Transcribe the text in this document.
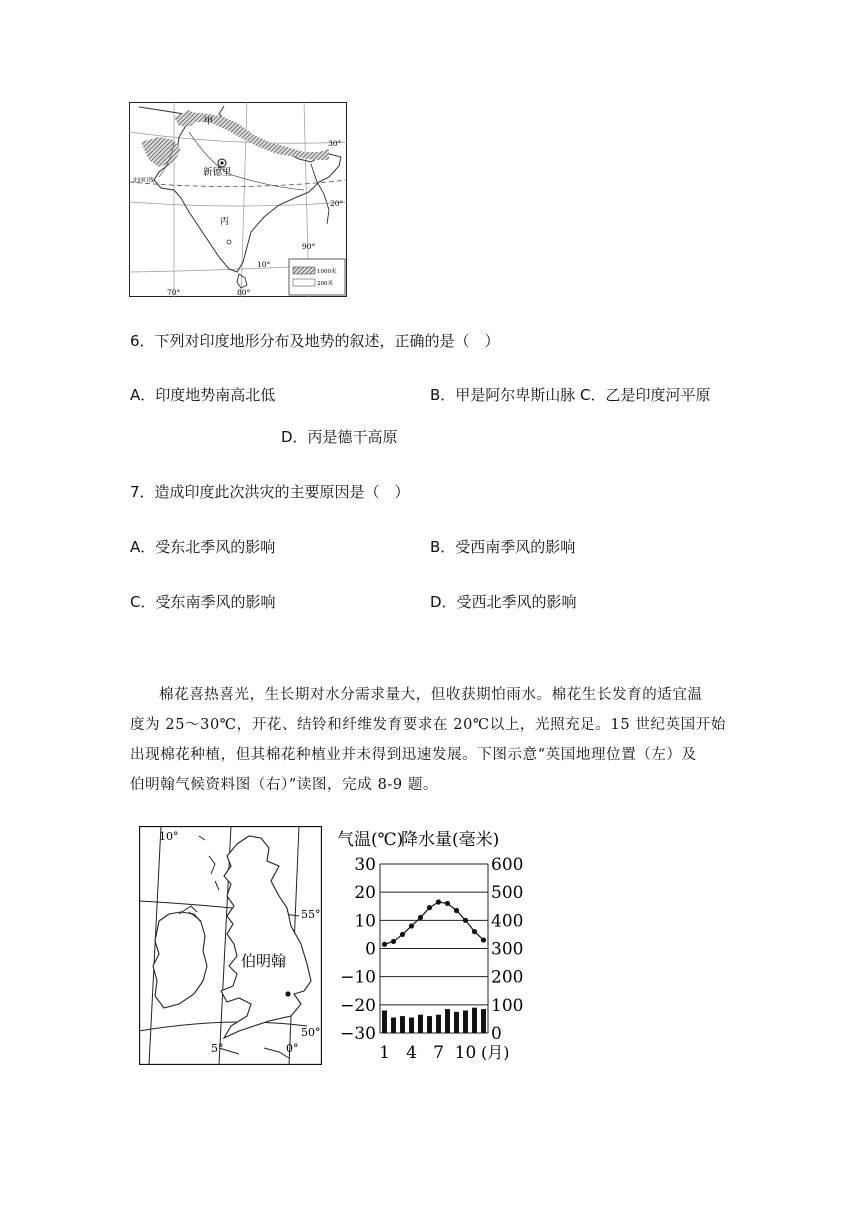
甲
新德里
北回归线
丙
30°
20°
10°
70°	80°
90°
1000米
200米
6．下列对印度地形分布及地势的叙述，正确的是（　）
A．印度地势南高北低	B．甲是阿尔卑斯山脉 C．乙是印度河平原
D．丙是德干高原
7．造成印度此次洪灾的主要原因是（　）
A．受东北季风的影响	B．受西南季风的影响
C．受东南季风的影响	D．受西北季风的影响

棉花喜热喜光，生长期对水分需求量大，但收获期怕雨水。棉花生长发育的适宜温

度为 25～30℃，开花、结铃和纤维发育要求在 20℃以上，光照充足。15 世纪英国开始

出现棉花种植，但其棉花种植业并未得到迅速发展。下图示意“英国地理位置（左）及

伯明翰气候资料图（右）”读图，完成 8-9 题。

10°
55°
50°
5°	0°
伯明翰
气温(℃)
降水量(毫米)
30
20
10
0
−10
−20
−30
600
500
400
300
200
100
0
1 4 7 10 (月)
